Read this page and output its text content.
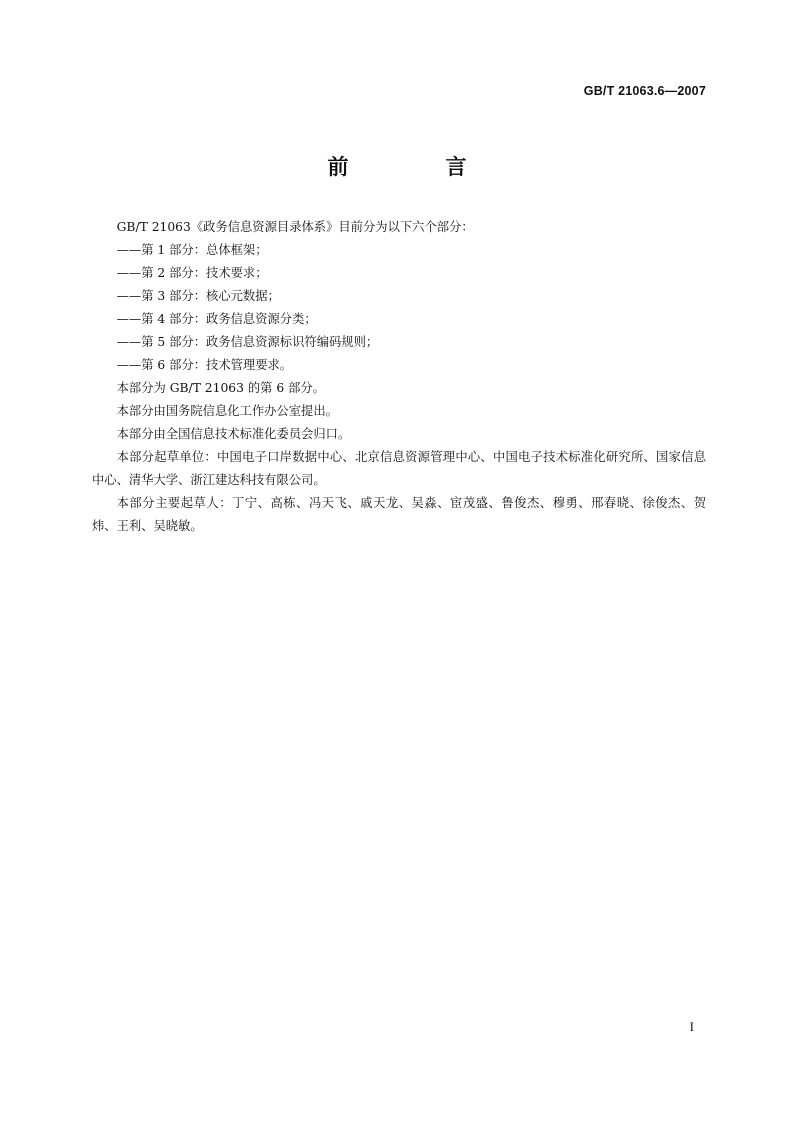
GB/T 21063.6—2007
前　言

GB/T 21063《政务信息资源目录体系》目前分为以下六个部分：

——第 1 部分：总体框架；

——第 2 部分：技术要求；

——第 3 部分：核心元数据；

——第 4 部分：政务信息资源分类；

——第 5 部分：政务信息资源标识符编码规则；

——第 6 部分：技术管理要求。

本部分为 GB/T 21063 的第 6 部分。

本部分由国务院信息化工作办公室提出。

本部分由全国信息技术标准化委员会归口。

本部分起草单位：中国电子口岸数据中心、北京信息资源管理中心、中国电子技术标准化研究所、国家信息中心、清华大学、浙江建达科技有限公司。

本部分主要起草人：丁宁、高栋、冯天飞、戚天龙、吴淼、宦茂盛、鲁俊杰、穆勇、邢春晓、徐俊杰、贺炜、王利、吴晓敏。

I
